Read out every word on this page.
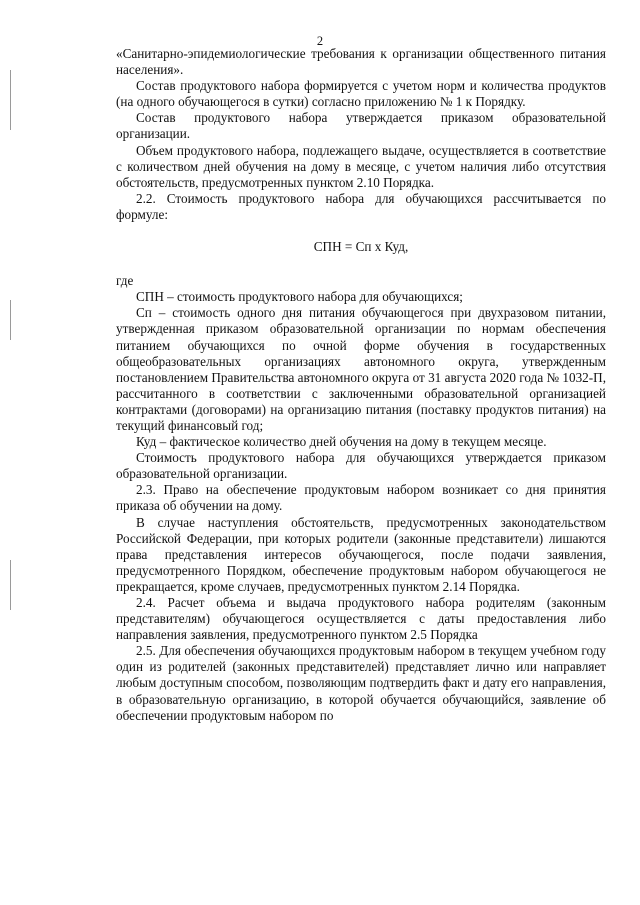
2

«Санитарно-эпидемиологические требования к организации общественного питания населения».

Состав продуктового набора формируется с учетом норм и количества продуктов (на одного обучающегося в сутки) согласно приложению № 1 к Порядку.

Состав продуктового набора утверждается приказом образовательной организации.

Объем продуктового набора, подлежащего выдаче, осуществляется в соответствие с количеством дней обучения на дому в месяце, с учетом наличия либо отсутствия обстоятельств, предусмотренных пунктом 2.10 Порядка.

2.2. Стоимость продуктового набора для обучающихся рассчитывается по формуле:

СПН = Сп х Куд,

где

СПН – стоимость продуктового набора для обучающихся;

Сп – стоимость одного дня питания обучающегося при двухразовом питании, утвержденная приказом образовательной организации по нормам обеспечения питанием обучающихся по очной форме обучения в государственных общеобразовательных организациях автономного округа, утвержденным постановлением Правительства автономного округа от 31 августа 2020 года № 1032-П, рассчитанного в соответствии с заключенными образовательной организацией контрактами (договорами) на организацию питания (поставку продуктов питания) на текущий финансовый год;

Куд – фактическое количество дней обучения на дому в текущем месяце.

Стоимость продуктового набора для обучающихся утверждается приказом образовательной организации.

2.3. Право на обеспечение продуктовым набором возникает со дня принятия приказа об обучении на дому.

В случае наступления обстоятельств, предусмотренных законодательством Российской Федерации, при которых родители (законные представители) лишаются права представления интересов обучающегося, после подачи заявления, предусмотренного Порядком, обеспечение продуктовым набором обучающегося не прекращается, кроме случаев, предусмотренных пунктом 2.14 Порядка.

2.4. Расчет объема и выдача продуктового набора родителям (законным представителям) обучающегося осуществляется с даты предоставления либо направления заявления, предусмотренного пунктом 2.5 Порядка

2.5. Для обеспечения обучающихся продуктовым набором в текущем учебном году один из родителей (законных представителей) представляет лично или направляет любым доступным способом, позволяющим подтвердить факт и дату его направления, в образовательную организацию, в которой обучается обучающийся, заявление об обеспечении продуктовым набором по
